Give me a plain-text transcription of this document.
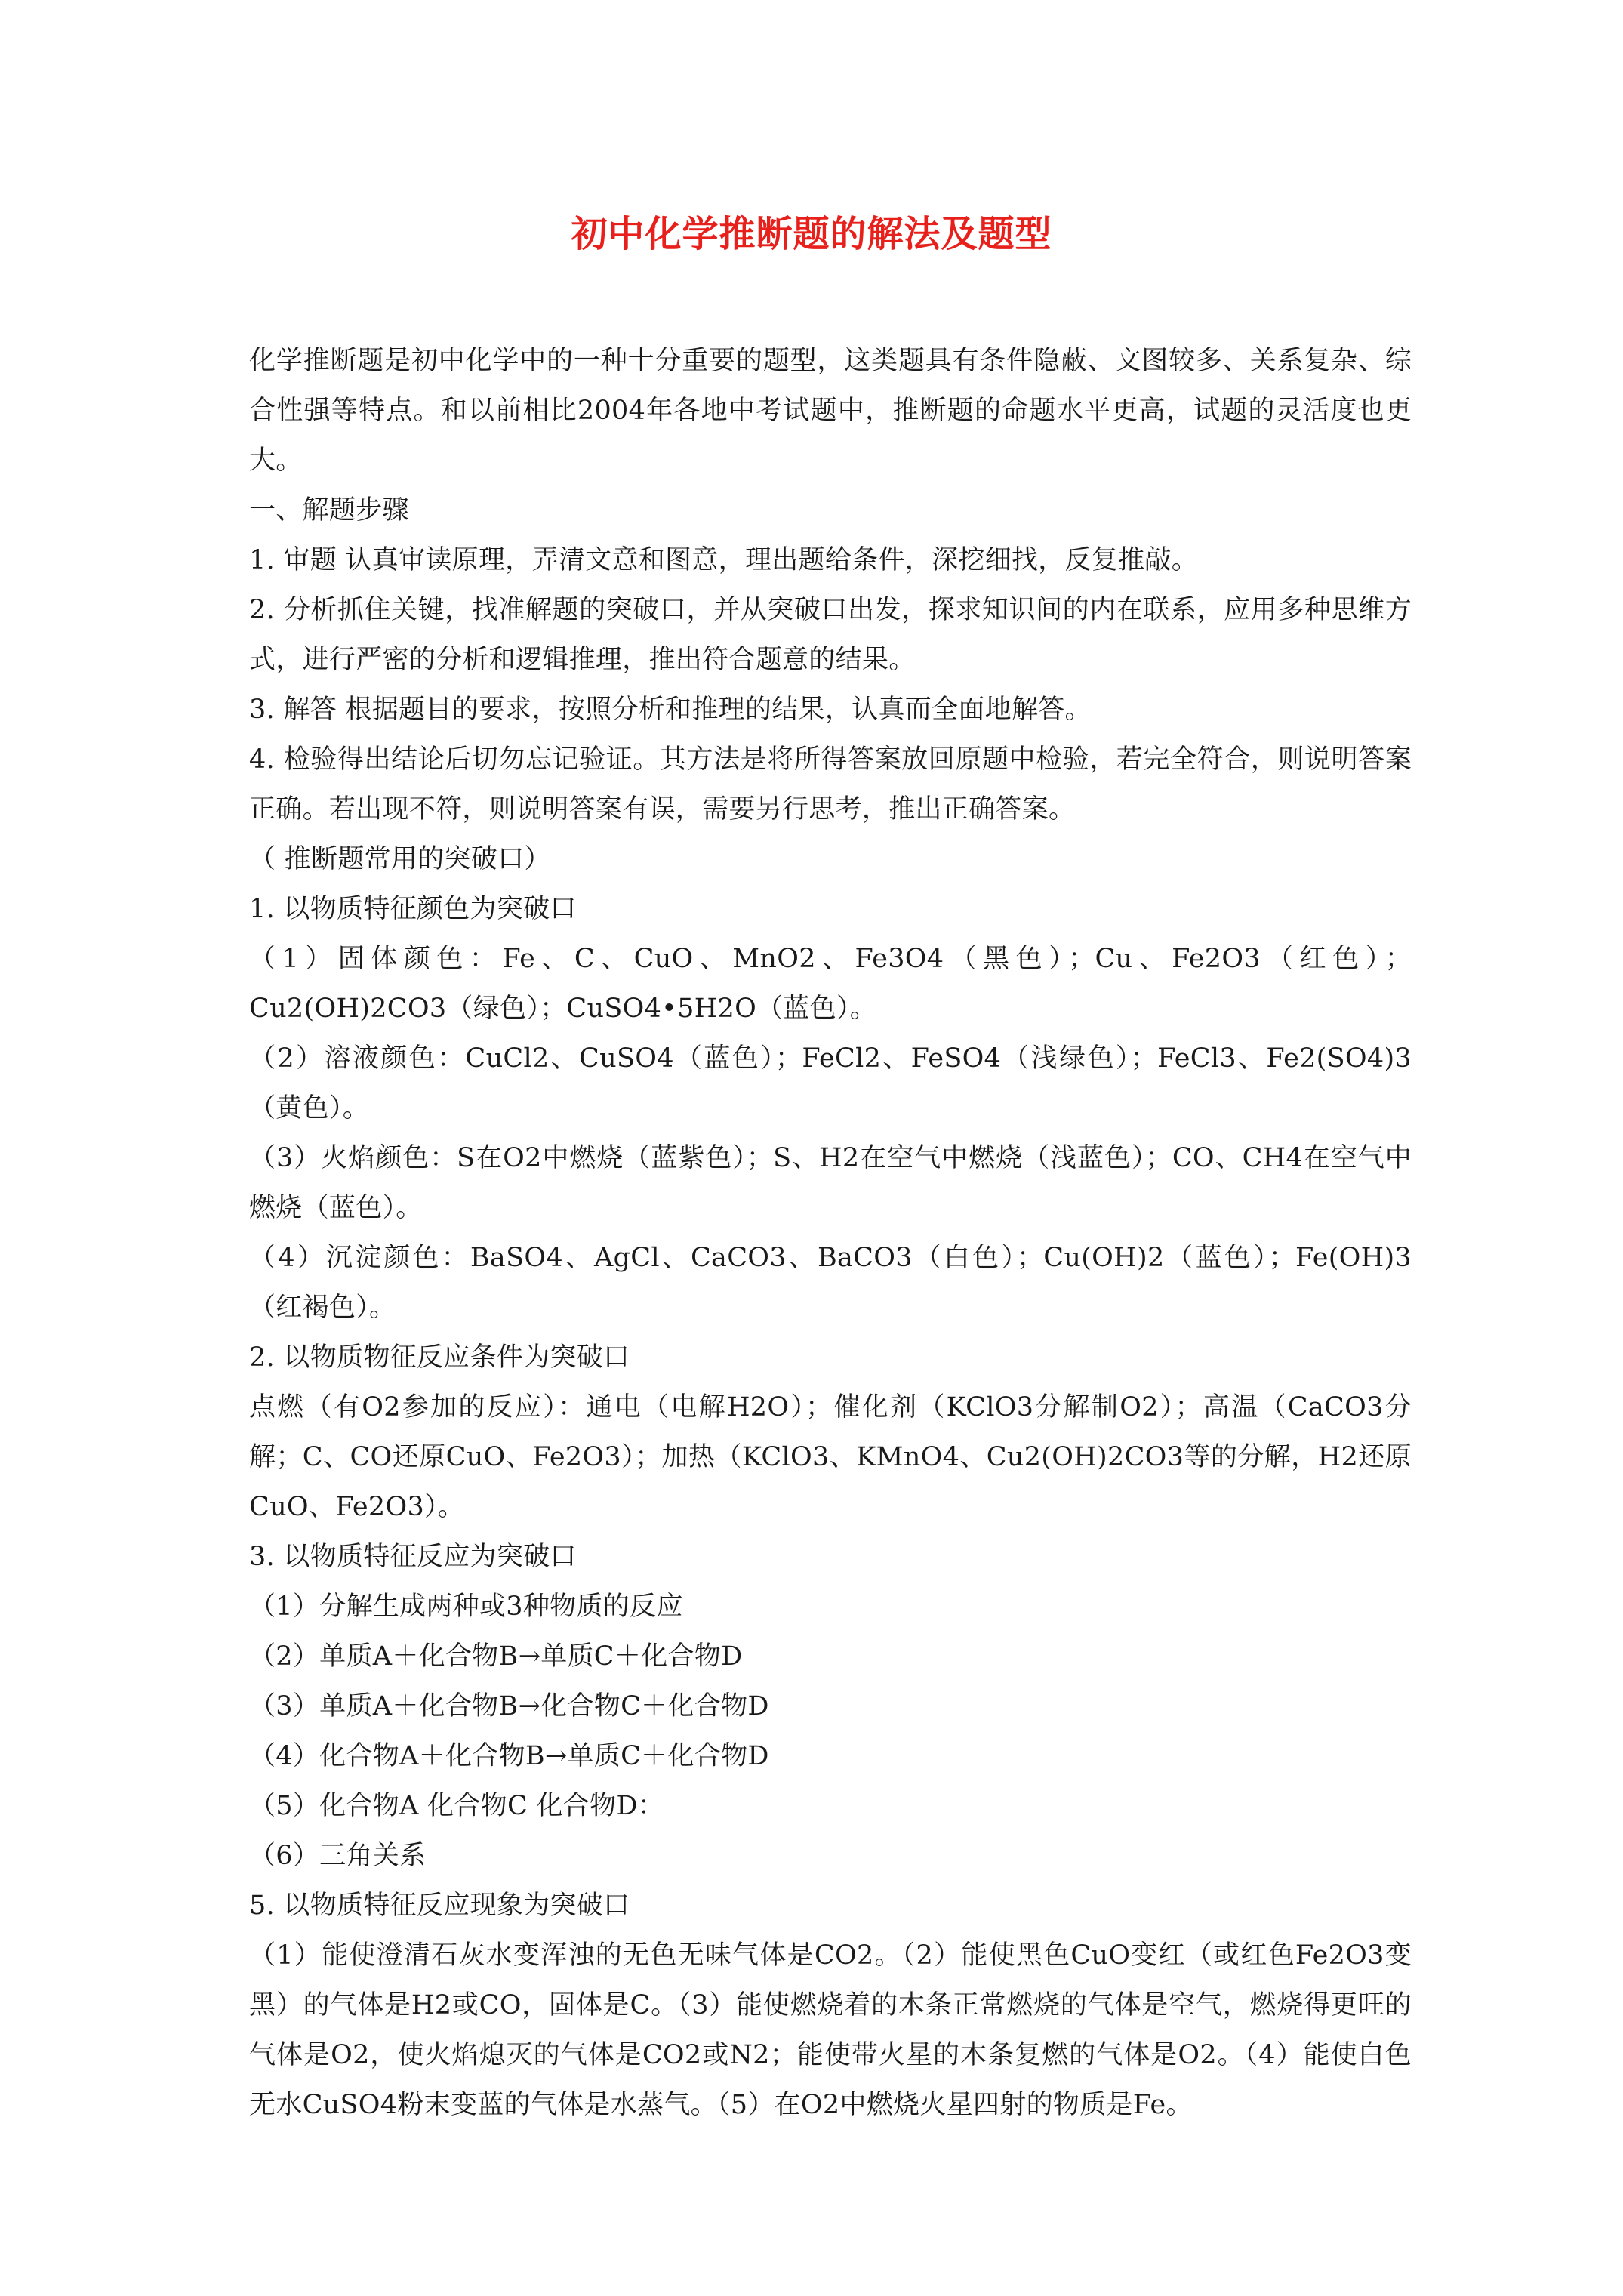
初中化学推断题的解法及题型

化学推断题是初中化学中的一种十分重要的题型，这类题具有条件隐蔽、文图较多、关系复杂、综合性强等特点。和以前相比2004年各地中考试题中，推断题的命题水平更高，试题的灵活度也更大。

一、解题步骤

1. 审题 认真审读原理，弄清文意和图意，理出题给条件，深挖细找，反复推敲。

2. 分析抓住关键，找准解题的突破口，并从突破口出发，探求知识间的内在联系，应用多种思维方式，进行严密的分析和逻辑推理，推出符合题意的结果。

3. 解答 根据题目的要求，按照分析和推理的结果，认真而全面地解答。

4. 检验得出结论后切勿忘记验证。其方法是将所得答案放回原题中检验，若完全符合，则说明答案正确。若出现不符，则说明答案有误，需要另行思考，推出正确答案。

（ 推断题常用的突破口）

1. 以物质特征颜色为突破口

（1）固体颜色：Fe、C、CuO、MnO2、Fe3O4（黑色）；Cu、Fe2O3（红色）；Cu2(OH)2CO3（绿色）；CuSO4•5H2O（蓝色）。

（2）溶液颜色：CuCl2、CuSO4（蓝色）；FeCl2、FeSO4（浅绿色）；FeCl3、Fe2(SO4)3（黄色）。

（3）火焰颜色：S在O2中燃烧（蓝紫色）；S、H2在空气中燃烧（浅蓝色）；CO、CH4在空气中燃烧（蓝色）。

（4）沉淀颜色：BaSO4、AgCl、CaCO3、BaCO3（白色）；Cu(OH)2（蓝色）；Fe(OH)3（红褐色）。

2. 以物质物征反应条件为突破口

点燃（有O2参加的反应）：通电（电解H2O）；催化剂（KClO3分解制O2）；高温（CaCO3分解；C、CO还原CuO、Fe2O3）；加热（KClO3、KMnO4、Cu2(OH)2CO3等的分解，H2还原CuO、Fe2O3）。

3. 以物质特征反应为突破口

（1）分解生成两种或3种物质的反应

（2）单质A＋化合物B→单质C＋化合物D

（3）单质A＋化合物B→化合物C＋化合物D

（4）化合物A＋化合物B→单质C＋化合物D

（5）化合物A 化合物C 化合物D：

（6）三角关系

5. 以物质特征反应现象为突破口

（1）能使澄清石灰水变浑浊的无色无味气体是CO2。（2）能使黑色CuO变红（或红色Fe2O3变黑）的气体是H2或CO，固体是C。（3）能使燃烧着的木条正常燃烧的气体是空气，燃烧得更旺的气体是O2，使火焰熄灭的气体是CO2或N2；能使带火星的木条复燃的气体是O2。（4）能使白色无水CuSO4粉末变蓝的气体是水蒸气。（5）在O2中燃烧火星四射的物质是Fe。
